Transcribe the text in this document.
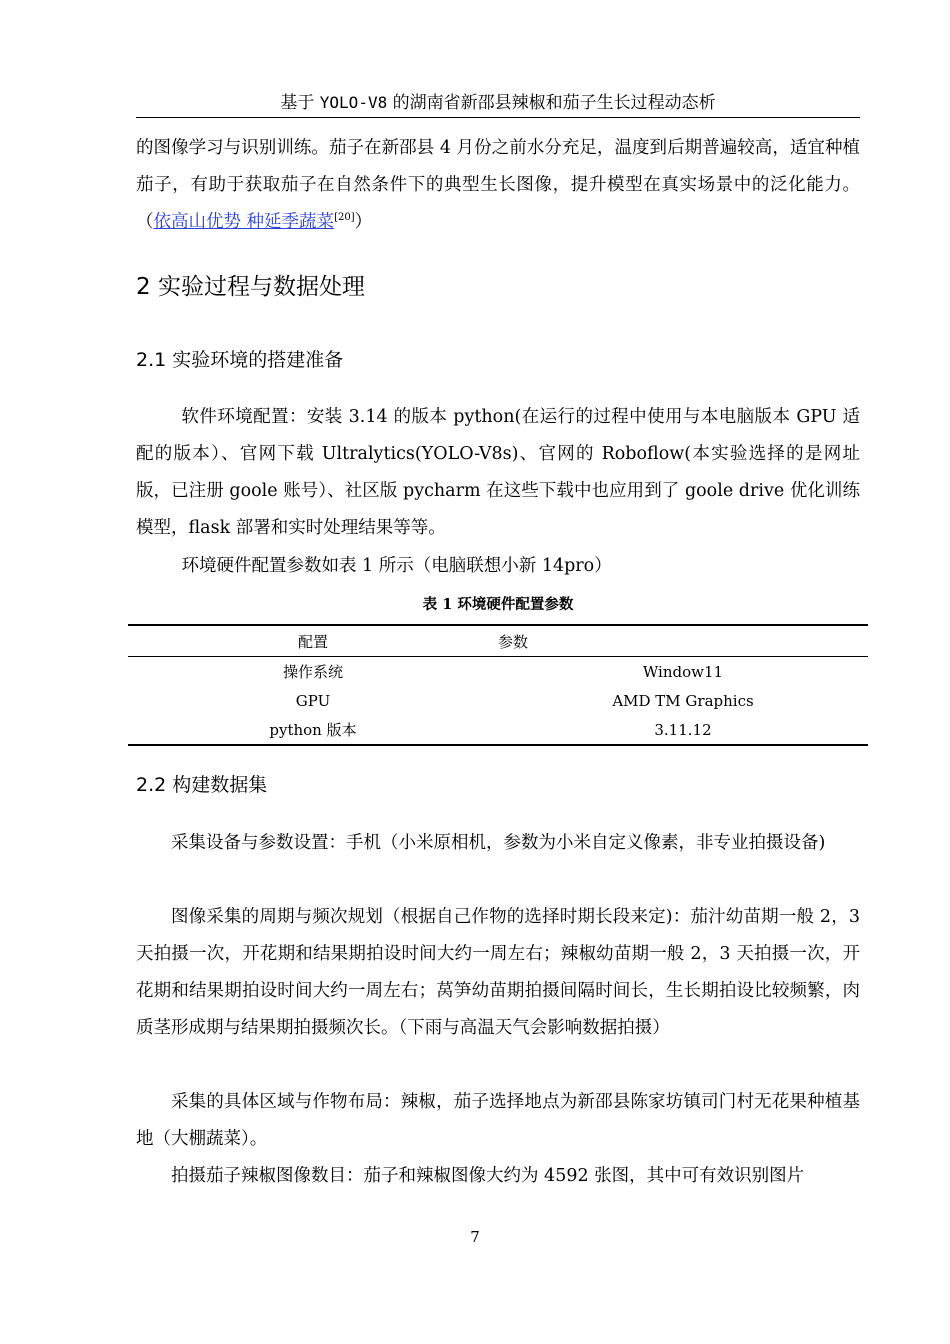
基于 YOLO-V8 的湖南省新邵县辣椒和茄子生长过程动态析

的图像学习与识别训练。茄子在新邵县 4 月份之前水分充足，温度到后期普遍较高，适宜种植茄子，有助于获取茄子在自然条件下的典型生长图像，提升模型在真实场景中的泛化能力。（依高山优势 种延季蔬菜[20]）

2 实验过程与数据处理
2.1 实验环境的搭建准备

软件环境配置：安装 3.14 的版本 python(在运行的过程中使用与本电脑版本 GPU 适配的版本）、官网下载 Ultralytics(YOLO-V8s)、官网的 Roboflow(本实验选择的是网址版，已注册 goole 账号）、社区版 pycharm 在这些下载中也应用到了 goole drive 优化训练模型，flask 部署和实时处理结果等等。

环境硬件配置参数如表 1 所示（电脑联想小新 14pro）

表 1 环境硬件配置参数
配置	参数
操作系统	Window11
GPU	AMD TM Graphics
python 版本	3.11.12
2.2 构建数据集

采集设备与参数设置：手机（小米原相机，参数为小米自定义像素，非专业拍摄设备)

图像采集的周期与频次规划（根据自己作物的选择时期长段来定)：茄汁幼苗期一般 2，3 天拍摄一次，开花期和结果期拍设时间大约一周左右；辣椒幼苗期一般 2，3 天拍摄一次，开花期和结果期拍设时间大约一周左右；莴笋幼苗期拍摄间隔时间长，生长期拍设比较频繁，肉质茎形成期与结果期拍摄频次长。（下雨与高温天气会影响数据拍摄）

采集的具体区域与作物布局：辣椒，茄子选择地点为新邵县陈家坊镇司门村无花果种植基地（大棚蔬菜）。

拍摄茄子辣椒图像数目：茄子和辣椒图像大约为 4592 张图，其中可有效识别图片

7
